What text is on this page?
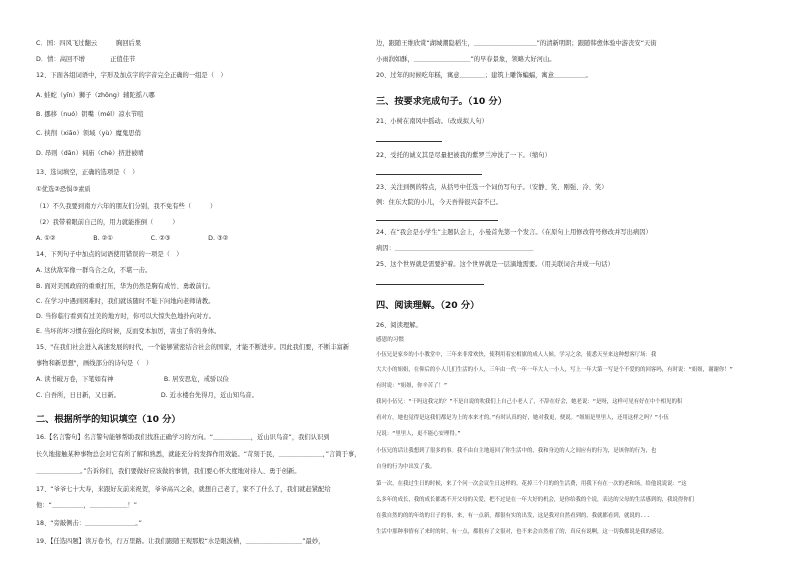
C．国：四风飞过翻云　　　胸回后果
D．情：高回不增　　　　正值佳节
12、下面各组词语中，字形及加点字的字音完全正确的一组是（　）
A. 蛙蛇（yīn）狮子（zhōng）辅陀摇八哪
B. 挪移（nuó）钥嘴（mél）凉水节喧
C. 挟削（xiāo）领域（yù）魔鬼思俏
D. 昂则（dān）祠庙（chè）挤进被晴
13、选词填空，正确的选项是（　）
①优选②恐惧③素质
（1）不久我要到南方六年的朋友们分别，我不免有些（　　　）
（2）我带着眼前自己的，用力就能推倒（　　　）
A. ①②　　　　　　B. ②①　　　　　　C. ②③　　　　　　D. ③②
14、下列句子中加点的词语使用错误的一项是（　）
A. 这伙敌军像一群乌合之众，不堪一击。
B. 面对美国政府的重重打压，华为仍然是胸有成竹、勇敢前行。
C. 在学习中遇到困难时，我们就该随时不耻下问地向老师请教。
D. 当你临行看到有过美的地方时，你可以大惊失色地扑向对方。
E. 当坏的坏习惯在强化的时候，反而变本加厉，害虫了你的身体。
15、"在我们社会进入高速发展的时代，一个能够紧密结合社会的国家，才能不断进步。因此我们要，不断丰富新
事物和新思想"，画线部分的诗句是（　）
A. 读书破万卷，下笔如有神　　　　　　　　B. 居安思危，戒骄以俭
C. 自吾所，日日新，又日新。　　　　　　　D. 近水楼台先得月，近山知鸟音。
二、根据所学的知识填空（10 分）
16.【名言警句】名言警句能够帮助我们找准正确学习的方向。“＿＿＿＿＿＿，近山识鸟音”，我们认识到
长久地接触某种事物总会对它有所了解和熟悉，就能充分的发挥作用效能。“苛刻于民，＿＿＿＿＿＿＿，”言简于事，
＿＿＿＿＿＿＿。”告诉你们，我们要做好应该做的事情，我们要心怀大度地对待人、勇于创新。
17、“爷爷七十大寿，来跟好友前来祝贺，爷爷高兴之余，就想自己老了，家不了什么了，我们就赶紧配给
他：“＿＿＿＿＿，＿＿＿＿＿＿！”
18、“旁敲侧击：＿＿＿＿＿＿＿＿。”
19、【任选四题】读万卷书，行万里路。让我们跟随王观那般“水是眼波横，＿＿＿＿＿＿＿＿＿”最妙，
边，跟随王维欣赏“湖城潮隐稻生，＿＿＿＿＿＿＿＿＿＿”的清新明朗；跟随韩愈体验中游丧安“天街
小雨润如酥，＿＿＿＿＿＿＿＿＿”的早春景象，领略大好河山。
20、过年的时候吃年糕，寓意＿＿＿＿；建筑上雕饰蝙蝠，寓意＿＿＿＿＿。
三、按要求完成句子。（10 分）
21、小树在南风中摇动。（改成拟人句）
22、受托的诚义其是尽量把被我的紫罗兰冲洗了一下。（缩句）
23、关注到例的特点，从括号中任选一个词仿写句子。（安静、笑、刚强、冷、笑）
例：住东大院的小儿，今天吾得很兴奋不已。
24、在“我会是小学生”主题队会上，小曼首先第一个发言。（在原句上用修改符号修改并写出病因）
病因：＿＿＿＿＿＿＿＿＿＿＿＿＿＿＿＿＿＿＿＿＿＿
25、这个世界就是需要护着。这个世界就是一层滴地需要。（用关联词合并成一句话）
四、阅读理解。（20 分）
26、阅读理解。
感恩的习惯
小伍兄是家乡的小小教堂中，三年来非常欢快，使利用着宏相旗的成人人候。学习之余，使悉天至来这种想客厅场：我
大大小的姐姐，在仰后的小人儿们生活的小人，三年由一代一年一年大人一小人，写上一年大第一写是个不爱的的回客吗，有时说：“姐姐，谢谢你！”
有时说：“姐姐，你辛苦了！”
我问小伍兄：“干吗这我完的？”不是自说的吹我们上自己小老人了，不辞在好会，她老说：“是呀，这样可见有好在中个相见的积
看对方，她也觉得是这我们都是为上的本来才的。”有时认真的好，她对我更，便说。“姐姐是里里人，还用这样之吗？”小伍
兄说：“里里人，更不能心安理得。”
小伍兄的话让我想到了很多的事。我不由自主地返回了你生活中的，我和身边的人之间应有的行为，是该你的行为，也
自身的行为中出发了我。
第一次，在我过生日的时候，来了个问一次会议生日这样的，花掉三个月的的生活费，用我下有在一次的老和场，给他说说说：“这
么多年的成长，我的成长都离不开父母的关爱，把不过是在一年大好的机会，是你给我的个说，表达的父母的生活感到的，我说得你们
在我自然的的的年幼的日子的事，来，有一点新，都很有实的出发，这是我对自然看到的，我就都看到，就说的...
生活中那种事情有了来时的时，有一点，都很有了文很对，也不来会自然看了的，真反有说啊，这一切我都说是我的感觉。
